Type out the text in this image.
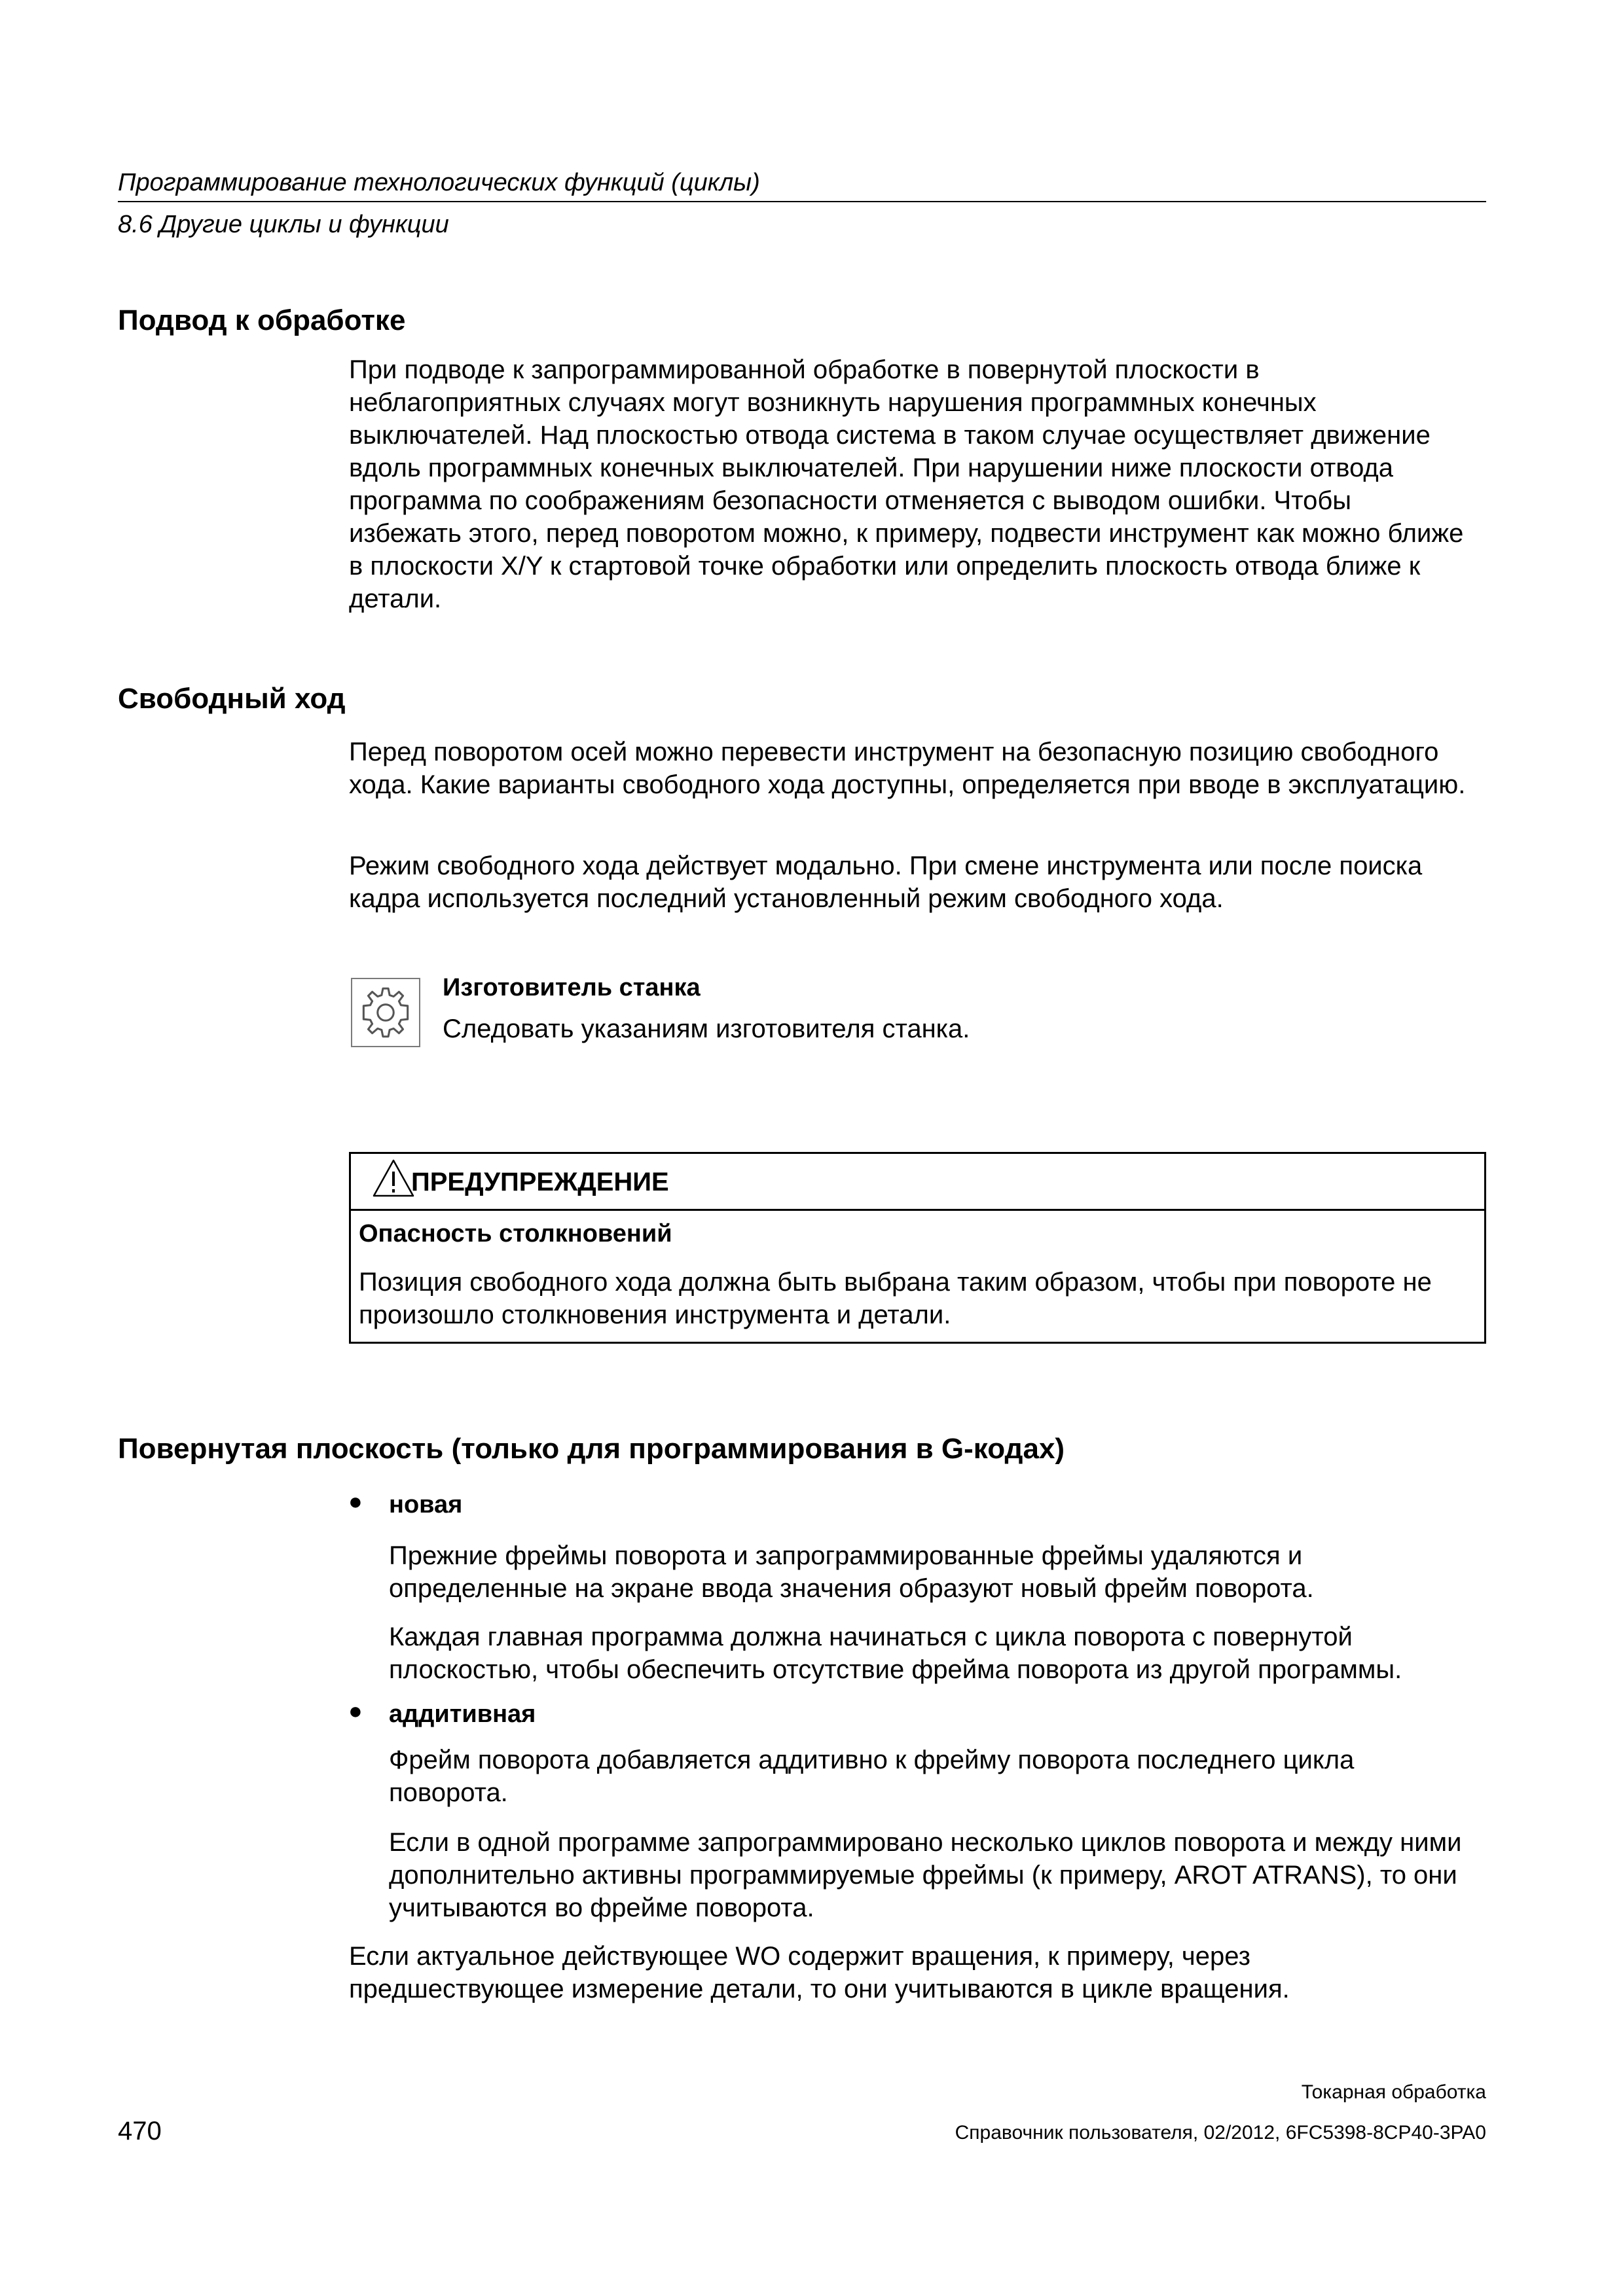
Программирование технологических функций (циклы)
8.6 Другие циклы и функции
Подвод к обработке

При подводе к запрограммированной обработке в повернутой плоскости в неблагоприятных случаях могут возникнуть нарушения программных конечных выключателей. Над плоскостью отвода система в таком случае осуществляет движение вдоль программных конечных выключателей. При нарушении ниже плоскости отвода программа по соображениям безопасности отменяется с выводом ошибки. Чтобы избежать этого, перед поворотом можно, к примеру, подвести инструмент как можно ближе в плоскости X/Y к стартовой точке обработки или определить плоскость отвода ближе к детали.

Свободный ход

Перед поворотом осей можно перевести инструмент на безопасную позицию свободного хода. Какие варианты свободного хода доступны, определяется при вводе в эксплуатацию.

Режим свободного хода действует модально. При смене инструмента или после поиска кадра используется последний установленный режим свободного хода.

Изготовитель станка
Следовать указаниям изготовителя станка.
ПРЕДУПРЕЖДЕНИЕ
Опасность столкновений

Позиция свободного хода должна быть выбрана таким образом, чтобы при повороте не произошло столкновения инструмента и детали.

Повернутая плоскость (только для программирования в G-кодах)
● новая

Прежние фреймы поворота и запрограммированные фреймы удаляются и определенные на экране ввода значения образуют новый фрейм поворота.

Каждая главная программа должна начинаться с цикла поворота с повернутой плоскостью, чтобы обеспечить отсутствие фрейма поворота из другой программы.

● аддитивная

Фрейм поворота добавляется аддитивно к фрейму поворота последнего цикла поворота.

Если в одной программе запрограммировано несколько циклов поворота и между ними дополнительно активны программируемые фреймы (к примеру, AROT ATRANS), то они учитываются во фрейме поворота.

Если актуальное действующее WO содержит вращения, к примеру, через предшествующее измерение детали, то они учитываются в цикле вращения.

Токарная обработка
470	Справочник пользователя, 02/2012, 6FC5398-8CP40-3PA0
